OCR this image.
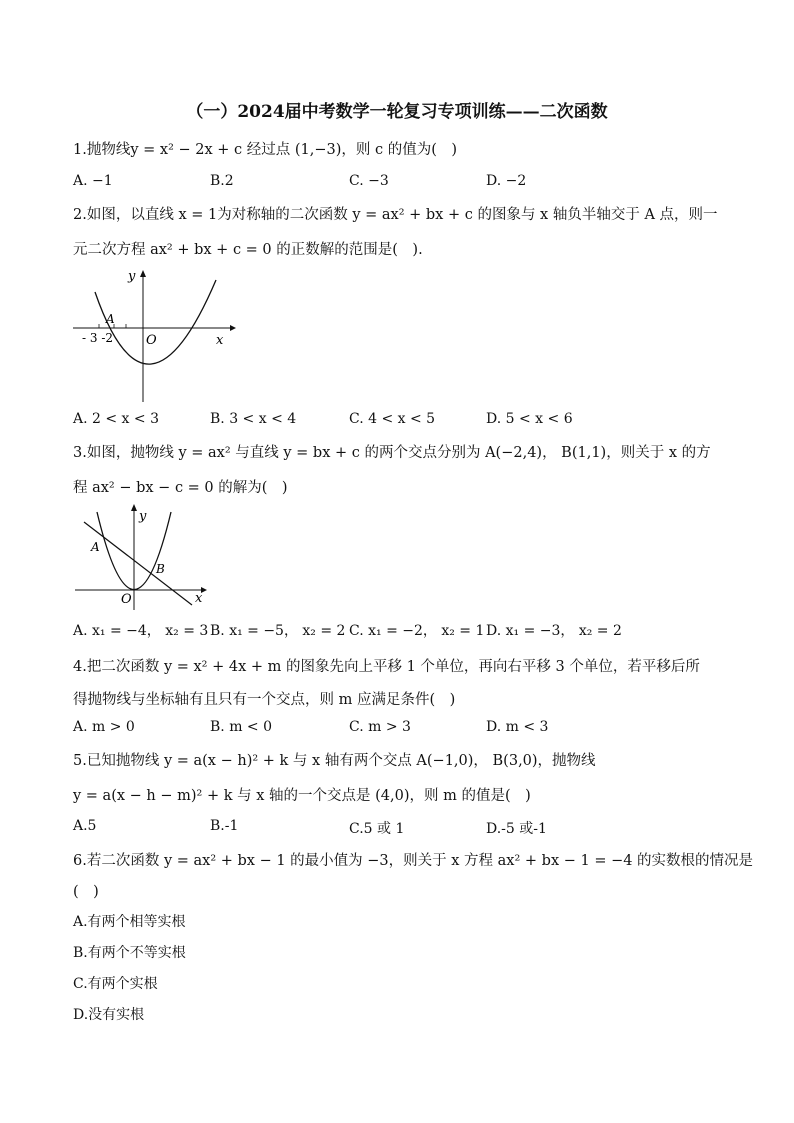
（一）2024届中考数学一轮复习专项训练——二次函数
1.抛物线y = x² − 2x + c 经过点 (1,−3)，则 c 的值为(　)
A. −1	B.2	C. −3	D. −2
2.如图，以直线 x = 1为对称轴的二次函数 y = ax² + bx + c 的图象与 x 轴负半轴交于 A 点，则一
元二次方程 ax² + bx + c = 0 的正数解的范围是(　).
y
x
O
A
- 3 -2
A. 2 < x < 3	B. 3 < x < 4	C. 4 < x < 5	D. 5 < x < 6
3.如图，抛物线 y = ax² 与直线 y = bx + c 的两个交点分别为 A(−2,4)， B(1,1)，则关于 x 的方
程 ax² − bx − c = 0 的解为(　)
y
x
O
A
B
A. x₁ = −4， x₂ = 3 B. x₁ = −5， x₂ = 2 C. x₁ = −2， x₂ = 1 D. x₁ = −3， x₂ = 2
4.把二次函数 y = x² + 4x + m 的图象先向上平移 1 个单位，再向右平移 3 个单位，若平移后所
得抛物线与坐标轴有且只有一个交点，则 m 应满足条件(　)
A. m > 0	B. m < 0	C. m > 3	D. m < 3
5.已知抛物线 y = a(x − h)² + k 与 x 轴有两个交点 A(−1,0)， B(3,0)，抛物线
y = a(x − h − m)² + k 与 x 轴的一个交点是 (4,0)，则 m 的值是(　)
A.5	B.-1	C.5 或 1	D.-5 或-1
6.若二次函数 y = ax² + bx − 1 的最小值为 −3，则关于 x 方程 ax² + bx − 1 = −4 的实数根的情况是
(　)
A.有两个相等实根
B.有两个不等实根
C.有两个实根
D.没有实根
